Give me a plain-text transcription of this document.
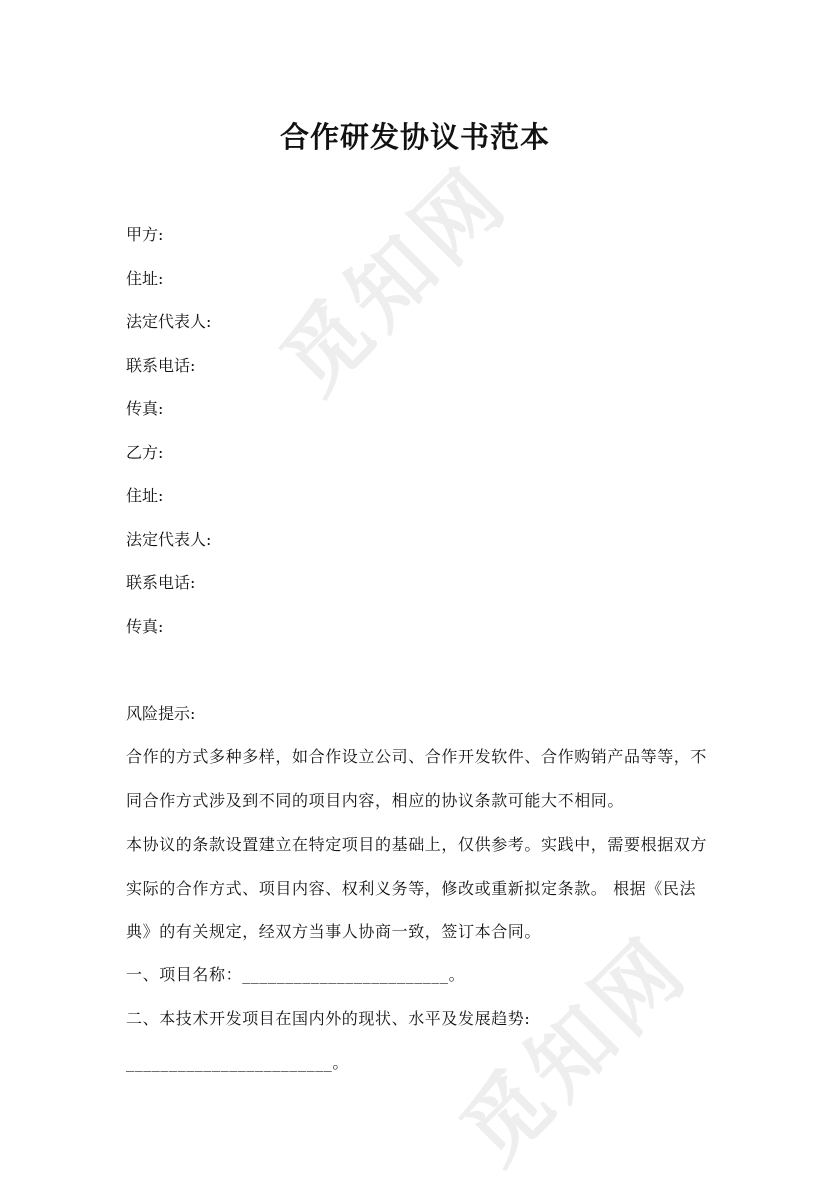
觅知网
觅知网
合作研发协议书范本
甲方:
住址:
法定代表人:
联系电话:
传真:
乙方:
住址:
法定代表人:
联系电话:
传真:
风险提示:
合作的方式多种多样，如合作设立公司、合作开发软件、合作购销产品等等，不
同合作方式涉及到不同的项目内容，相应的协议条款可能大不相同。
本协议的条款设置建立在特定项目的基础上，仅供参考。实践中，需要根据双方
实际的合作方式、项目内容、权利义务等，修改或重新拟定条款。 根据《民法
典》的有关规定，经双方当事人协商一致，签订本合同。
一、项目名称：________________________。
二、本技术开发项目在国内外的现状、水平及发展趋势:
________________________。
